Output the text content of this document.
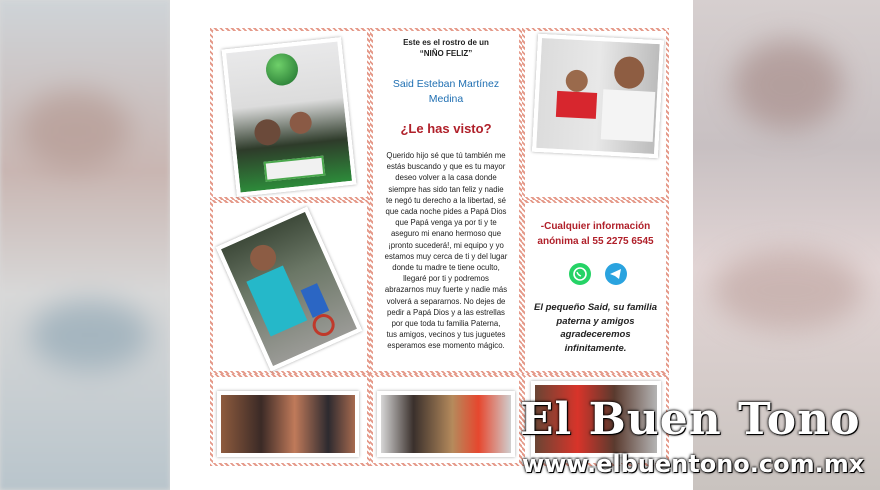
Este es el rostro de un
“NIÑO FELIZ”
Said Esteban Martínez
Medina
¿Le has visto?
Querido hijo sé que tú también me
estás buscando y que es tu mayor
deseo volver a la casa donde
siempre has sido tan feliz y nadie
te negó tu derecho a la libertad, sé
que cada noche pides a Papá Dios
que Papá venga ya por ti y te
aseguro mi enano hermoso que
¡pronto sucederá!, mi equipo y yo
estamos muy cerca de ti y del lugar
donde tu madre te tiene oculto,
llegaré por ti y podremos
abrazarnos muy fuerte y nadie más
volverá a separarnos. No dejes de
pedir a Papá Dios y a las estrellas
por que toda tu familia Paterna,
tus amigos, vecinos y tus juguetes
esperamos ese momento mágico.
-Cualquier información
anónima al 55 2275 6545
El pequeño Said, su familia
paterna y amigos
agradeceremos
infinitamente.
El Buen Tono
www.elbuentono.com.mx
